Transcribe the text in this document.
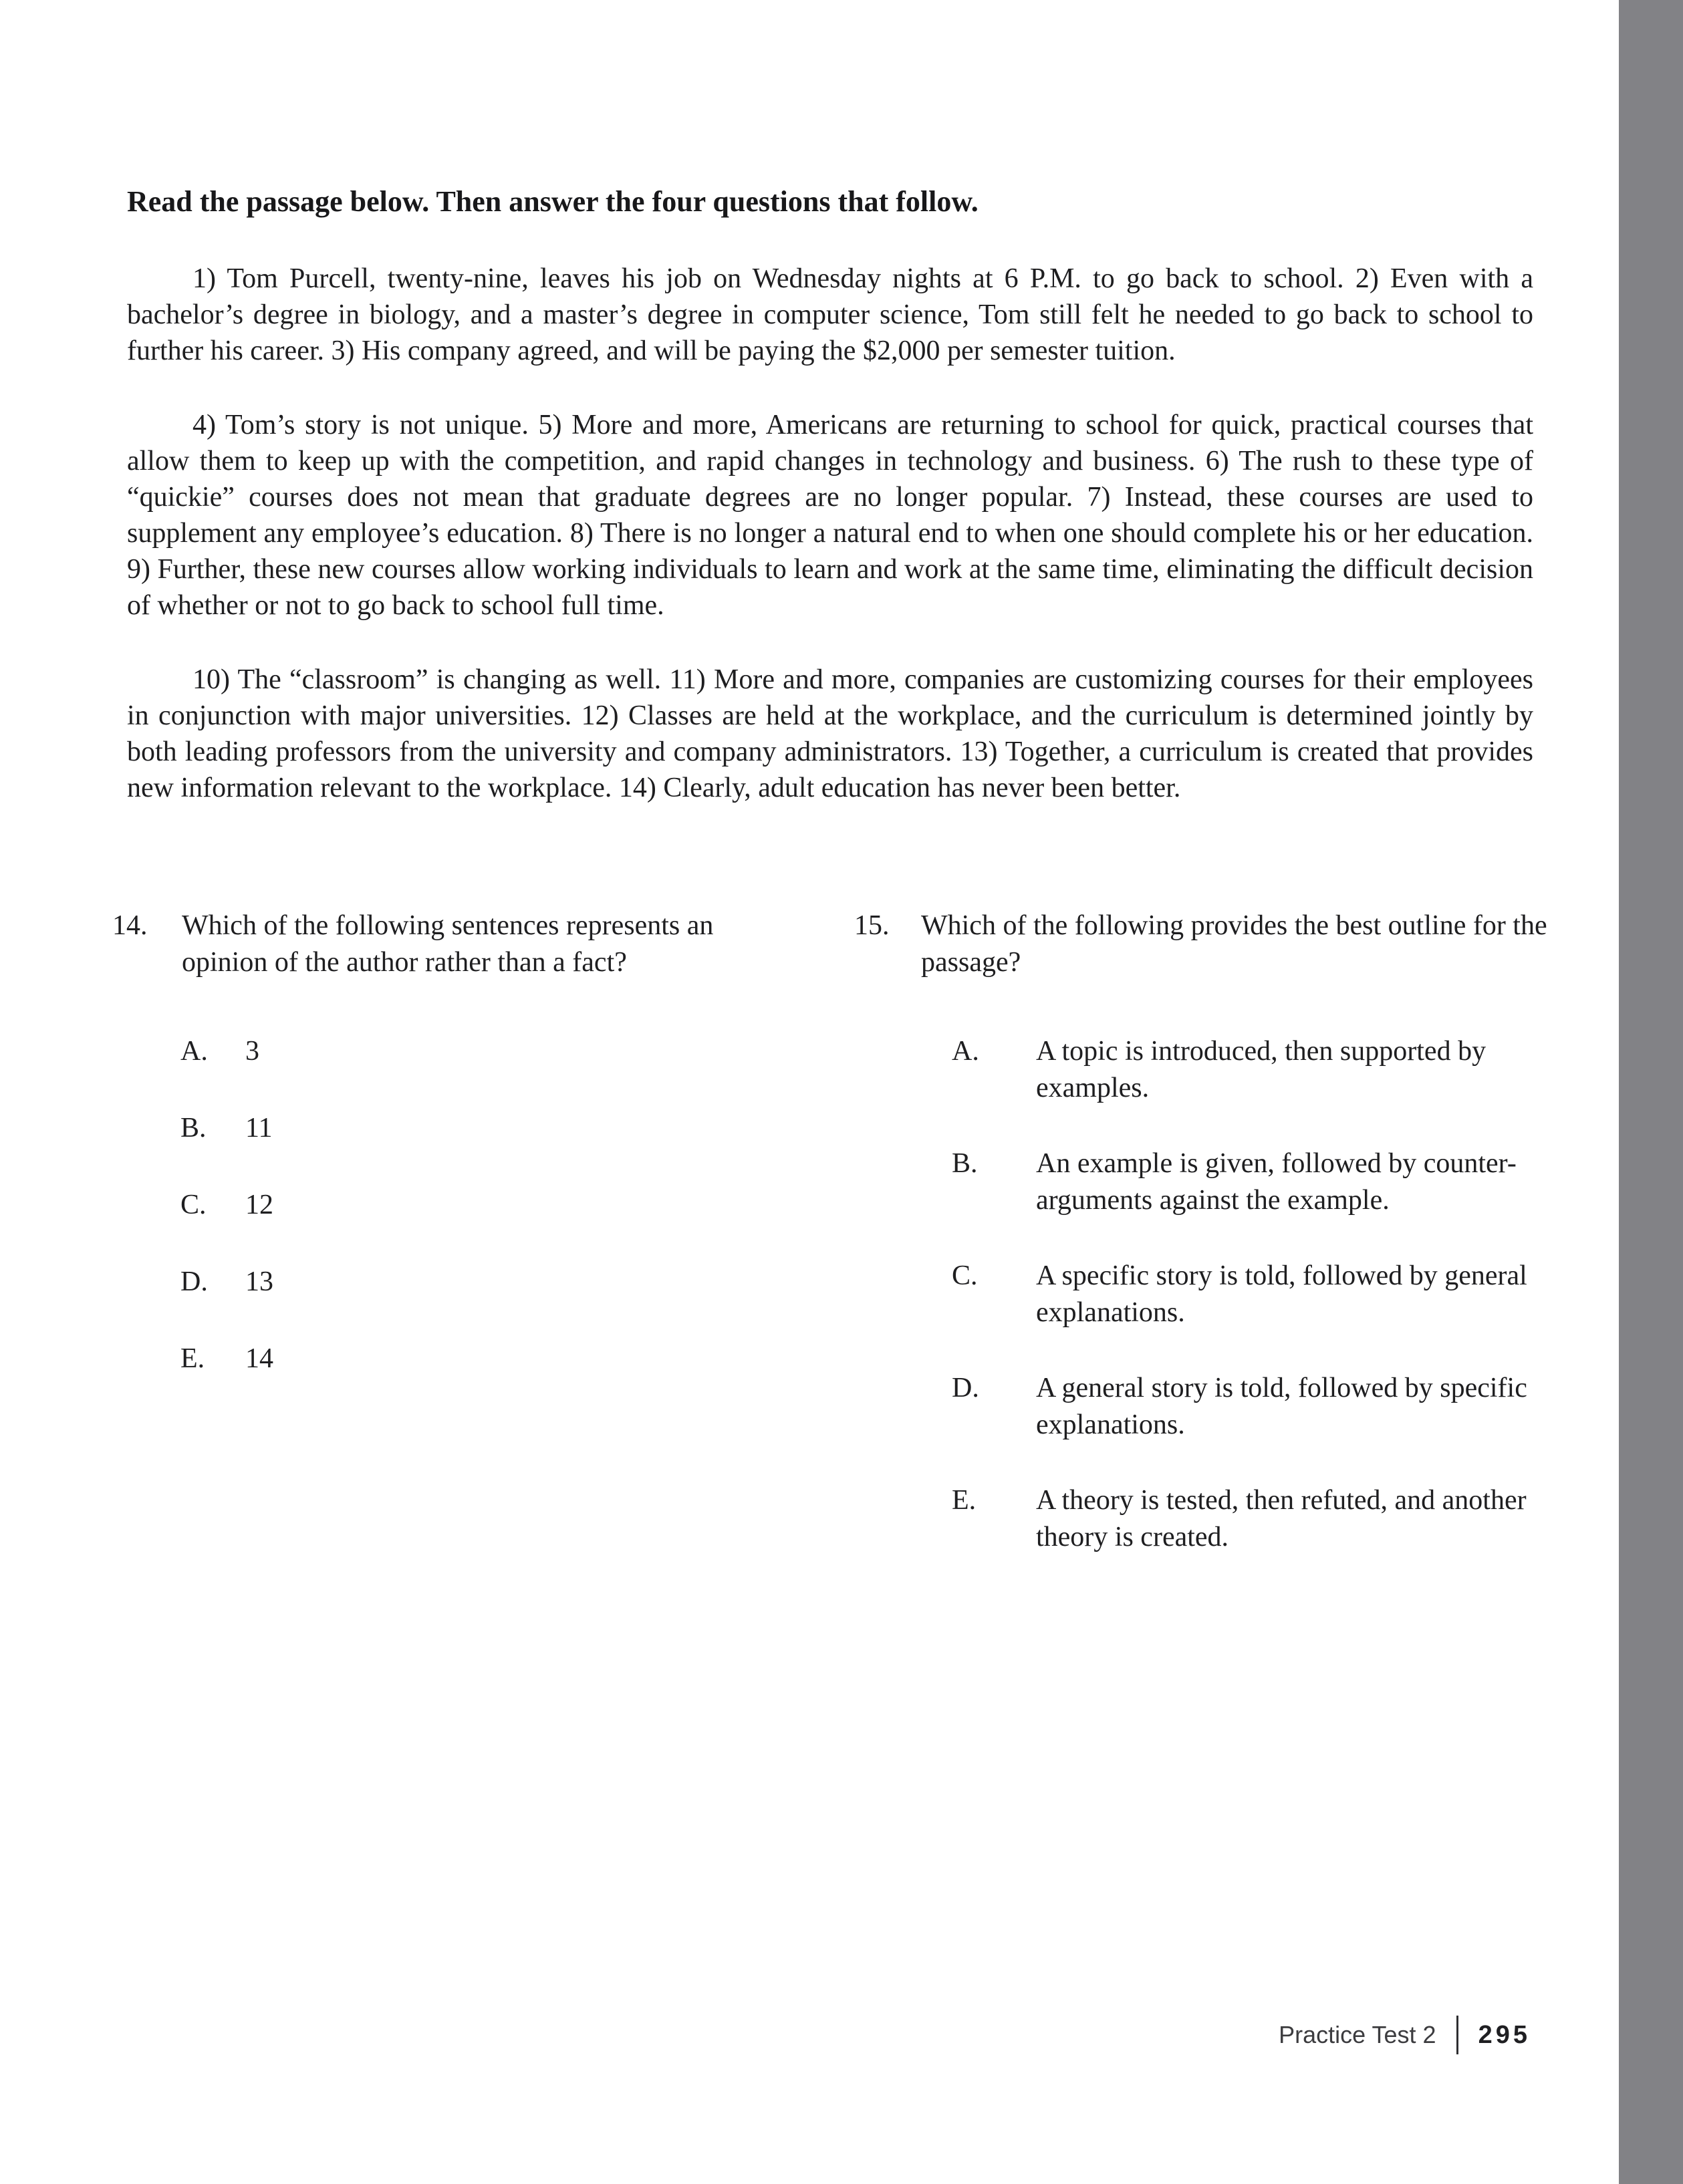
Read the passage below. Then answer the four questions that follow.

1) Tom Purcell, twenty-nine, leaves his job on Wednesday nights at 6 P.M. to go back to school. 2) Even with a bachelor’s degree in biology, and a master’s degree in computer science, Tom still felt he needed to go back to school to further his career. 3) His company agreed, and will be paying the $2,000 per semester tuition.

4) Tom’s story is not unique. 5) More and more, Americans are returning to school for quick, practical courses that allow them to keep up with the competition, and rapid changes in technology and business. 6) The rush to these type of “quickie” courses does not mean that graduate degrees are no longer popular. 7) Instead, these courses are used to supplement any employee’s education. 8) There is no longer a natural end to when one should complete his or her education. 9) Further, these new courses allow working individuals to learn and work at the same time, eliminating the difficult decision of whether or not to go back to school full time.

10) The “classroom” is changing as well. 11) More and more, companies are customizing courses for their employees in conjunction with major universities. 12) Classes are held at the workplace, and the curriculum is determined jointly by both leading professors from the university and company administrators. 13) Together, a curriculum is created that provides new information relevant to the workplace. 14) Clearly, adult education has never been better.

14.	Which of the following sentences represents an opinion of the author rather than a fact?
A.	3
B.	11
C.	12
D.	13
E.	14
15.	Which of the following provides the best outline for the passage?
A.	A topic is introduced, then supported by examples.
B.	An example is given, followed by counter-arguments against the example.
C.	A specific story is told, followed by general explanations.
D.	A general story is told, followed by specific explanations.
E.	A theory is tested, then refuted, and another theory is created.
Practice Test 2 295
